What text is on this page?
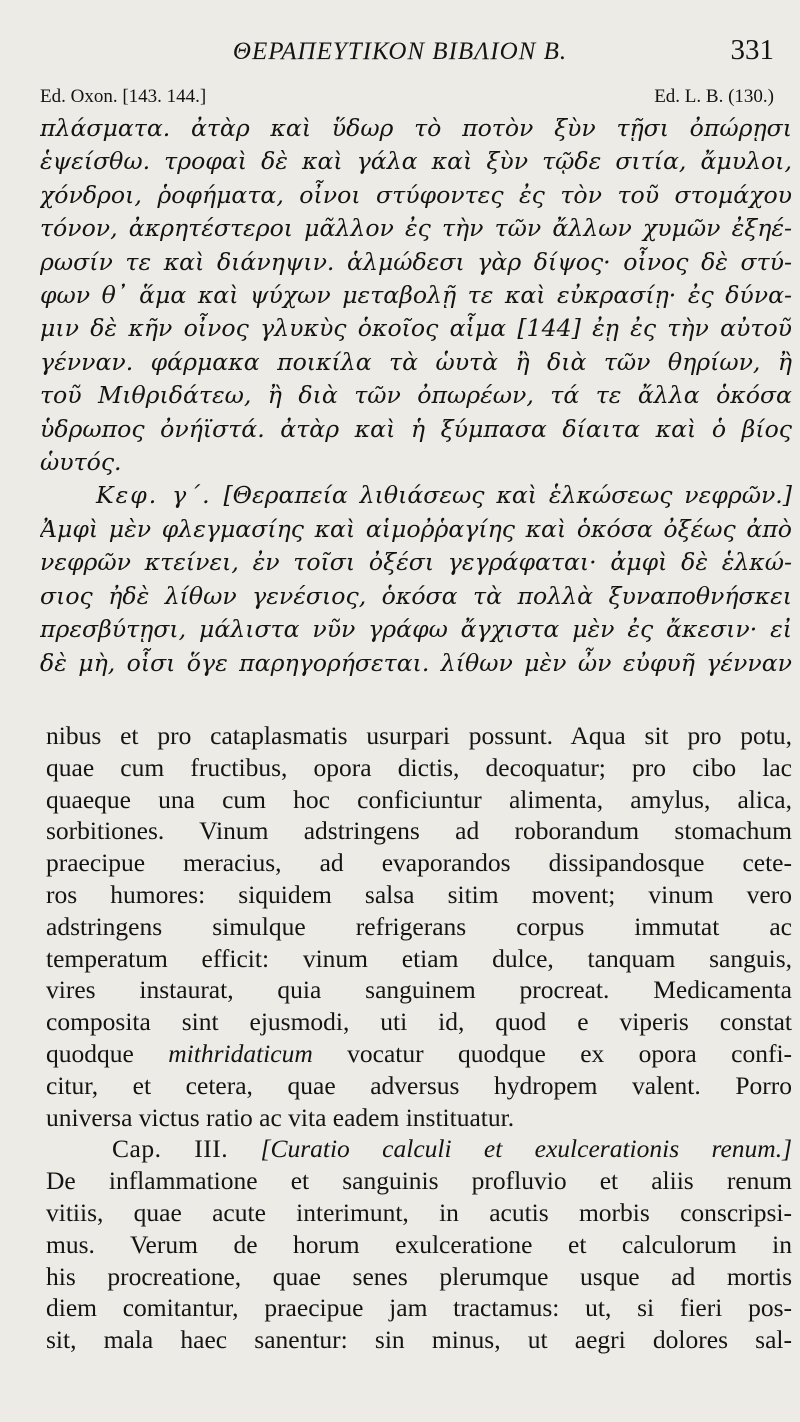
ΘΕΡΑΠΕΥΤΙΚΟΝ ΒΙΒΛΙΟΝ Β.	331
Ed. Oxon. [143. 144.]	Ed. L. B. (130.)
πλάσματα. ἀτὰρ καὶ ὕδωρ τὸ ποτὸν ξὺν τῇσι ὀπώρῃσι
ἑψείσθω. τροφαὶ δὲ καὶ γάλα καὶ ξὺν τῷδε σιτία, ἄμυλοι,
χόνδροι, ῥοφήματα, οἶνοι στύφοντες ἐς τὸν τοῦ στομάχου
τόνον, ἀκρητέστεροι μᾶλλον ἐς τὴν τῶν ἄλλων χυμῶν ἐξηέ-
ρωσίν τε καὶ διάνηψιν. ἁλμώδεσι γὰρ δίψος· οἶνος δὲ στύ-
φων θ᾽ ἅμα καὶ ψύχων μεταβολῇ τε καὶ εὐκρασίῃ· ἐς δύνα-
μιν δὲ κῆν οἶνος γλυκὺς ὁκοῖος αἷμα [144] ἐῃ ἐς τὴν αὐτοῦ
γένναν. φάρμακα ποικίλα τὰ ὡυτὰ ἢ διὰ τῶν θηρίων, ἢ
τοῦ Μιθριδάτεω, ἢ διὰ τῶν ὀπωρέων, τά τε ἄλλα ὁκόσα
ὑδρωπος ὀνήϊστά. ἀτὰρ καὶ ἡ ξύμπασα δίαιτα καὶ ὁ βίος
ὡυτός.
Κεφ. γ΄. [Θεραπεία λιθιάσεως καὶ ἑλκώσεως νεφρῶν.]
Ἀμφὶ μὲν φλεγμασίης καὶ αἱμοῤῥαγίης καὶ ὁκόσα ὀξέως ἀπὸ
νεφρῶν κτείνει, ἐν τοῖσι ὀξέσι γεγράφαται· ἀμφὶ δὲ ἑλκώ-
σιος ἠδὲ λίθων γενέσιος, ὁκόσα τὰ πολλὰ ξυναποθνήσκει
πρεσβύτῃσι, μάλιστα νῦν γράφω ἄγχιστα μὲν ἐς ἄκεσιν· εἰ
δὲ μὴ, οἷσι ὅγε παρηγορήσεται. λίθων μὲν ὦν εὐφυῆ γένναν
nibus et pro cataplasmatis usurpari possunt. Aqua sit pro potu,
quae cum fructibus, opora dictis, decoquatur; pro cibo lac
quaeque una cum hoc conficiuntur alimenta, amylus, alica,
sorbitiones. Vinum adstringens ad roborandum stomachum
praecipue meracius, ad evaporandos dissipandosque cete-
ros humores: siquidem salsa sitim movent; vinum vero
adstringens simulque refrigerans corpus immutat ac
temperatum efficit: vinum etiam dulce, tanquam sanguis,
vires instaurat, quia sanguinem procreat. Medicamenta
composita sint ejusmodi, uti id, quod e viperis constat
quodque mithridaticum vocatur quodque ex opora confi-
citur, et cetera, quae adversus hydropem valent. Porro
universa victus ratio ac vita eadem instituatur.
Cap. III. [Curatio calculi et exulcerationis renum.]
De inflammatione et sanguinis profluvio et aliis renum
vitiis, quae acute interimunt, in acutis morbis conscripsi-
mus. Verum de horum exulceratione et calculorum in
his procreatione, quae senes plerumque usque ad mortis
diem comitantur, praecipue jam tractamus: ut, si fieri pos-
sit, mala haec sanentur: sin minus, ut aegri dolores sal-
